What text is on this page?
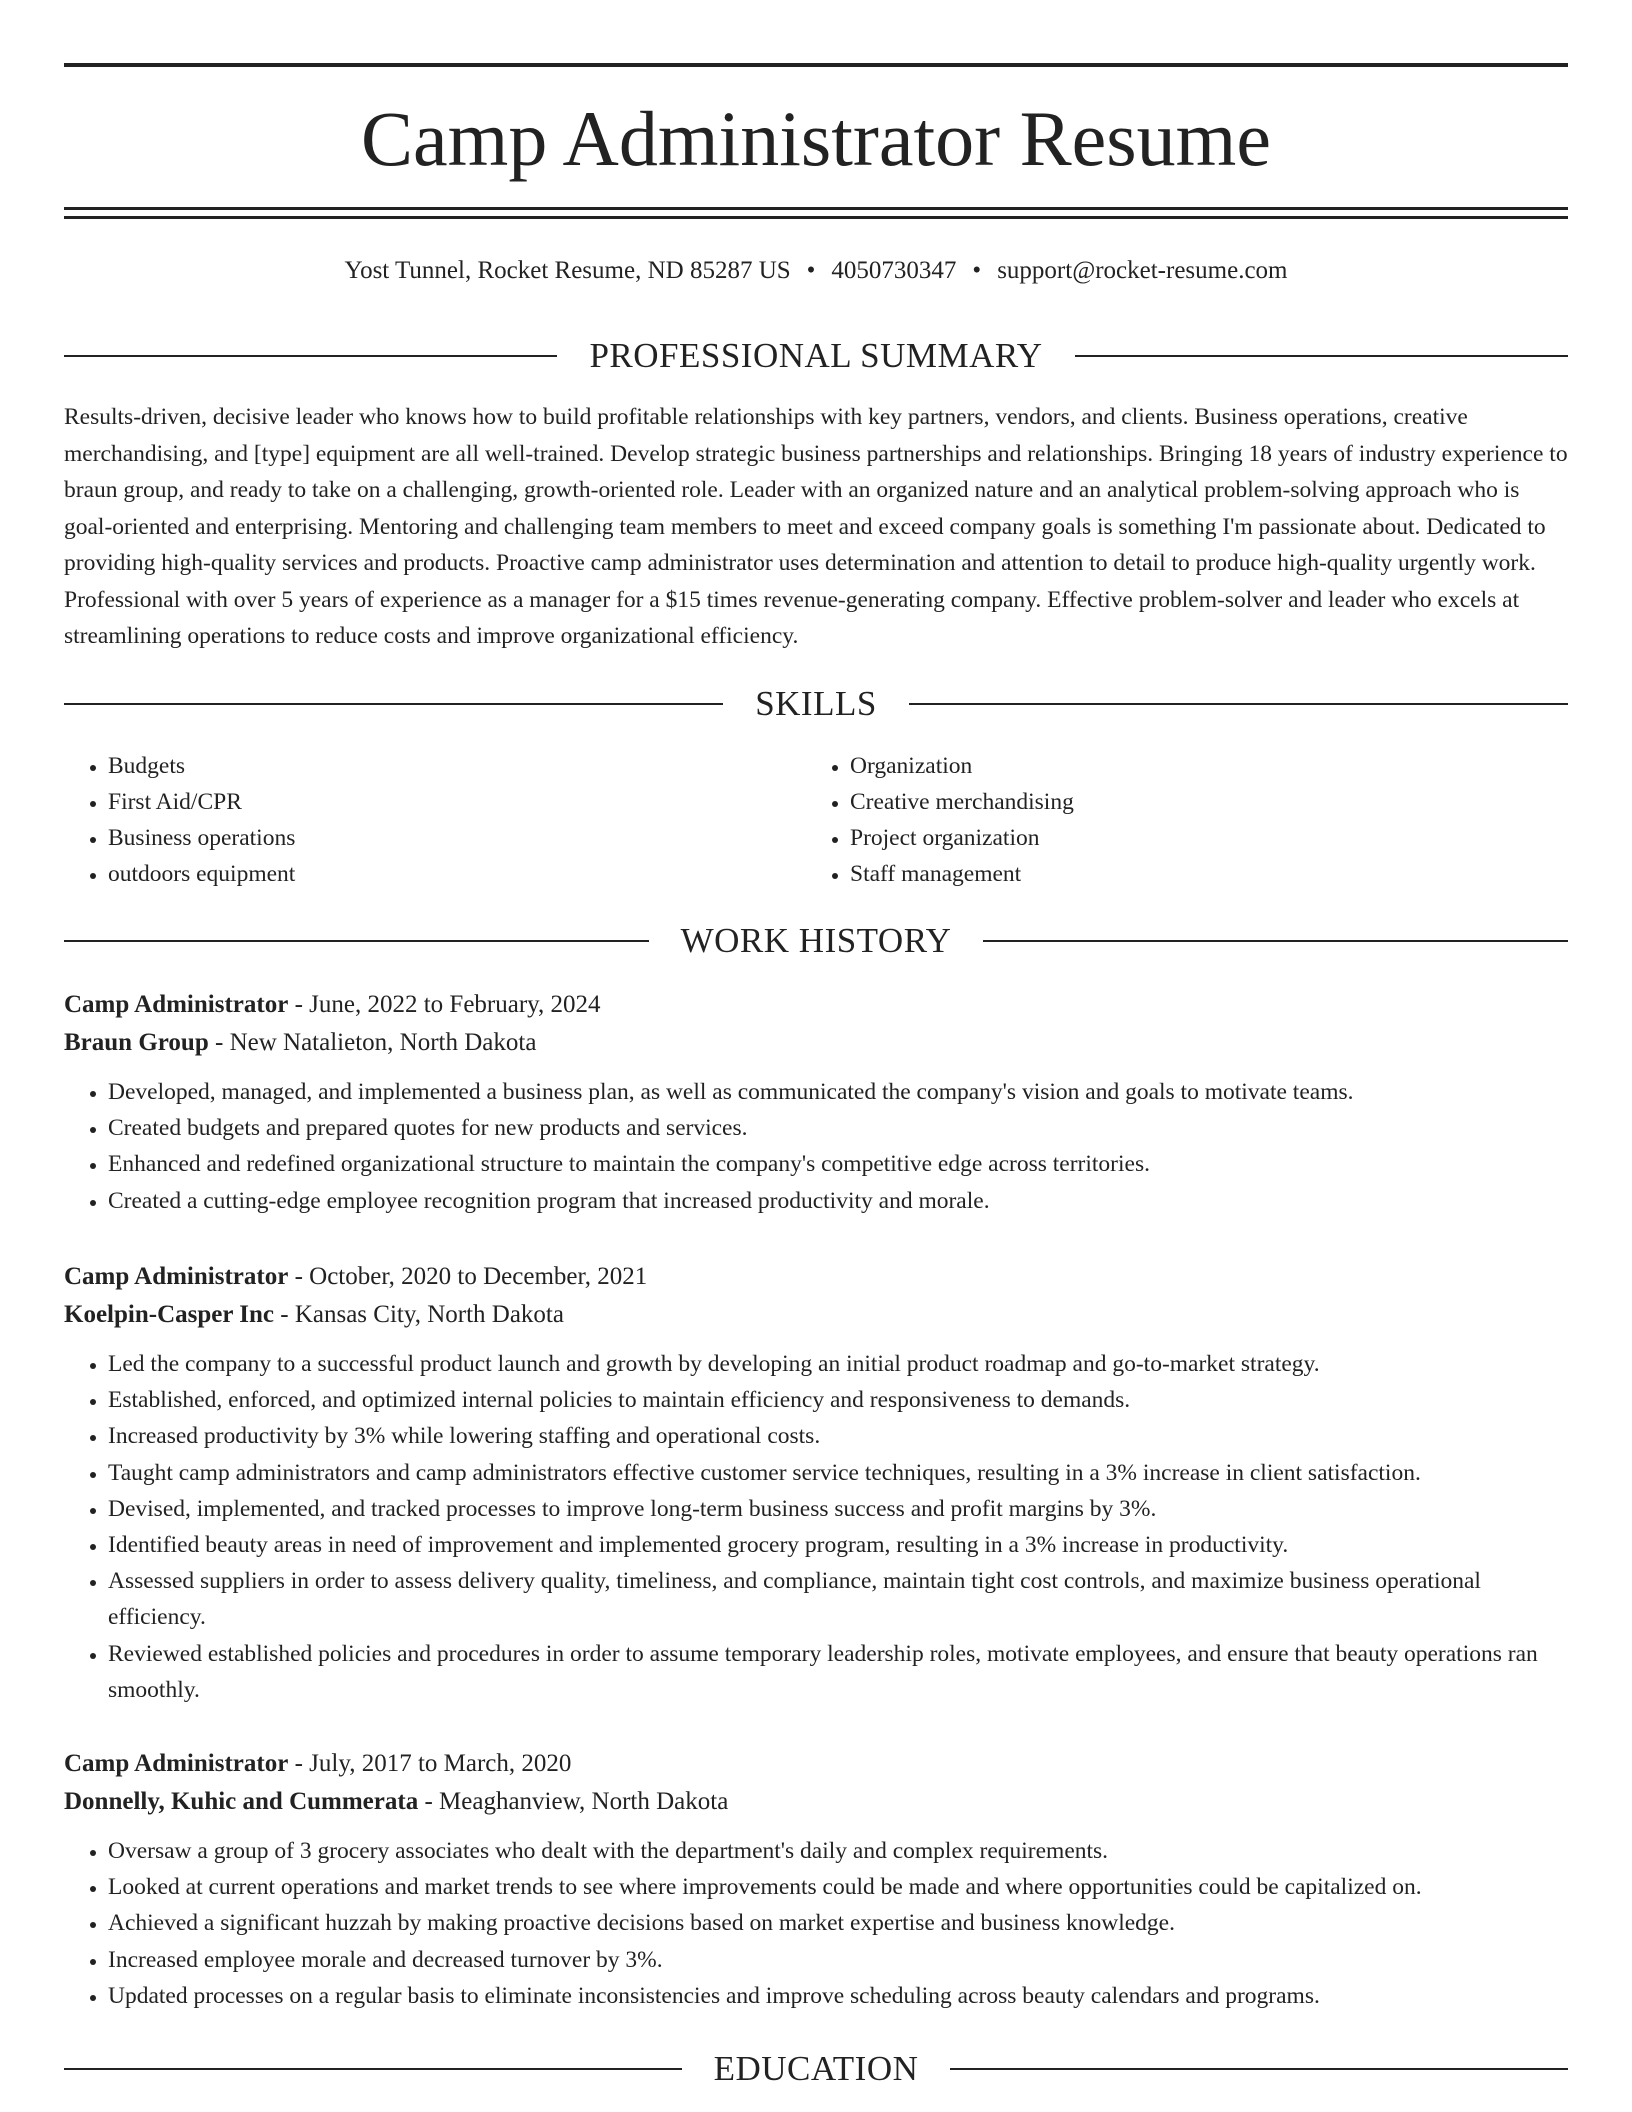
Camp Administrator Resume
Yost Tunnel, Rocket Resume, ND 85287 US • 4050730347 • support@rocket-resume.com
PROFESSIONAL SUMMARY

Results-driven, decisive leader who knows how to build profitable relationships with key partners, vendors, and clients. Business operations, creative merchandising, and [type] equipment are all well-trained. Develop strategic business partnerships and relationships. Bringing 18 years of industry experience to braun group, and ready to take on a challenging, growth-oriented role. Leader with an organized nature and an analytical problem-solving approach who is goal-oriented and enterprising. Mentoring and challenging team members to meet and exceed company goals is something I'm passionate about. Dedicated to providing high-quality services and products. Proactive camp administrator uses determination and attention to detail to produce high-quality urgently work. Professional with over 5 years of experience as a manager for a $15 times revenue-generating company. Effective problem-solver and leader who excels at streamlining operations to reduce costs and improve organizational efficiency.

SKILLS
• Budgets
• First Aid/CPR
• Business operations
• outdoors equipment
• Organization
• Creative merchandising
• Project organization
• Staff management
WORK HISTORY

Camp Administrator - June, 2022 to February, 2024

Braun Group - New Natalieton, North Dakota

• Developed, managed, and implemented a business plan, as well as communicated the company's vision and goals to motivate teams.
• Created budgets and prepared quotes for new products and services.
• Enhanced and redefined organizational structure to maintain the company's competitive edge across territories.
• Created a cutting-edge employee recognition program that increased productivity and morale.

Camp Administrator - October, 2020 to December, 2021

Koelpin-Casper Inc - Kansas City, North Dakota

• Led the company to a successful product launch and growth by developing an initial product roadmap and go-to-market strategy.
• Established, enforced, and optimized internal policies to maintain efficiency and responsiveness to demands.
• Increased productivity by 3% while lowering staffing and operational costs.
• Taught camp administrators and camp administrators effective customer service techniques, resulting in a 3% increase in client satisfaction.
• Devised, implemented, and tracked processes to improve long-term business success and profit margins by 3%.
• Identified beauty areas in need of improvement and implemented grocery program, resulting in a 3% increase in productivity.
• Assessed suppliers in order to assess delivery quality, timeliness, and compliance, maintain tight cost controls, and maximize business operational efficiency.
• Reviewed established policies and procedures in order to assume temporary leadership roles, motivate employees, and ensure that beauty operations ran smoothly.

Camp Administrator - July, 2017 to March, 2020

Donnelly, Kuhic and Cummerata - Meaghanview, North Dakota

• Oversaw a group of 3 grocery associates who dealt with the department's daily and complex requirements.
• Looked at current operations and market trends to see where improvements could be made and where opportunities could be capitalized on.
• Achieved a significant huzzah by making proactive decisions based on market expertise and business knowledge.
• Increased employee morale and decreased turnover by 3%.
• Updated processes on a regular basis to eliminate inconsistencies and improve scheduling across beauty calendars and programs.
EDUCATION
